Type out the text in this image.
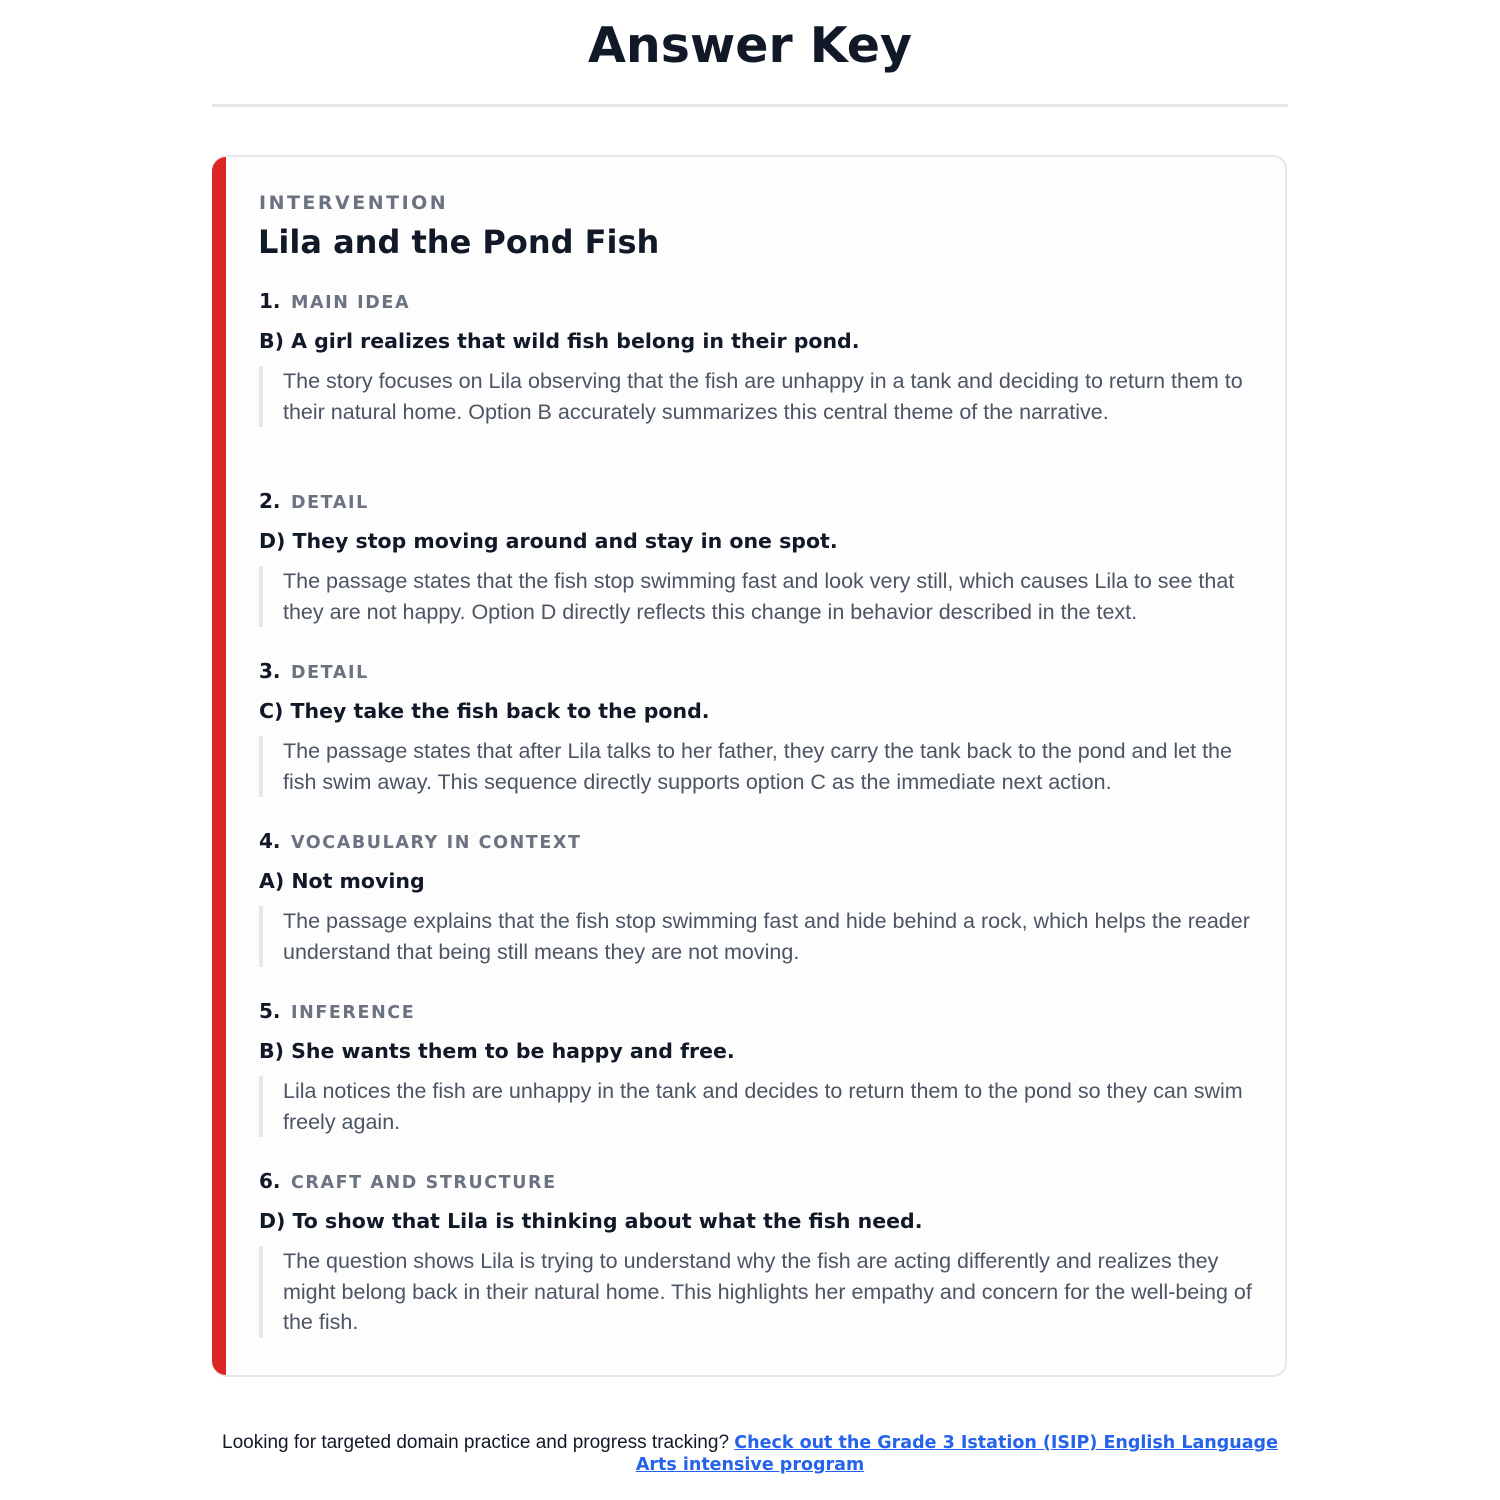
Answer Key
INTERVENTION
Lila and the Pond Fish
1. MAIN IDEA
B) A girl realizes that wild fish belong in their pond.
The story focuses on Lila observing that the fish are unhappy in a tank and deciding to return them to their natural home. Option B accurately summarizes this central theme of the narrative.
2. DETAIL
D) They stop moving around and stay in one spot.
The passage states that the fish stop swimming fast and look very still, which causes Lila to see that they are not happy. Option D directly reflects this change in behavior described in the text.
3. DETAIL
C) They take the fish back to the pond.
The passage states that after Lila talks to her father, they carry the tank back to the pond and let the fish swim away. This sequence directly supports option C as the immediate next action.
4. VOCABULARY IN CONTEXT
A) Not moving
The passage explains that the fish stop swimming fast and hide behind a rock, which helps the reader understand that being still means they are not moving.
5. INFERENCE
B) She wants them to be happy and free.
Lila notices the fish are unhappy in the tank and decides to return them to the pond so they can swim freely again.
6. CRAFT AND STRUCTURE
D) To show that Lila is thinking about what the fish need.
The question shows Lila is trying to understand why the fish are acting differently and realizes they might belong back in their natural home. This highlights her empathy and concern for the well-being of the fish.
Looking for targeted domain practice and progress tracking? Check out the Grade 3 Istation (ISIP) English Language Arts intensive program
